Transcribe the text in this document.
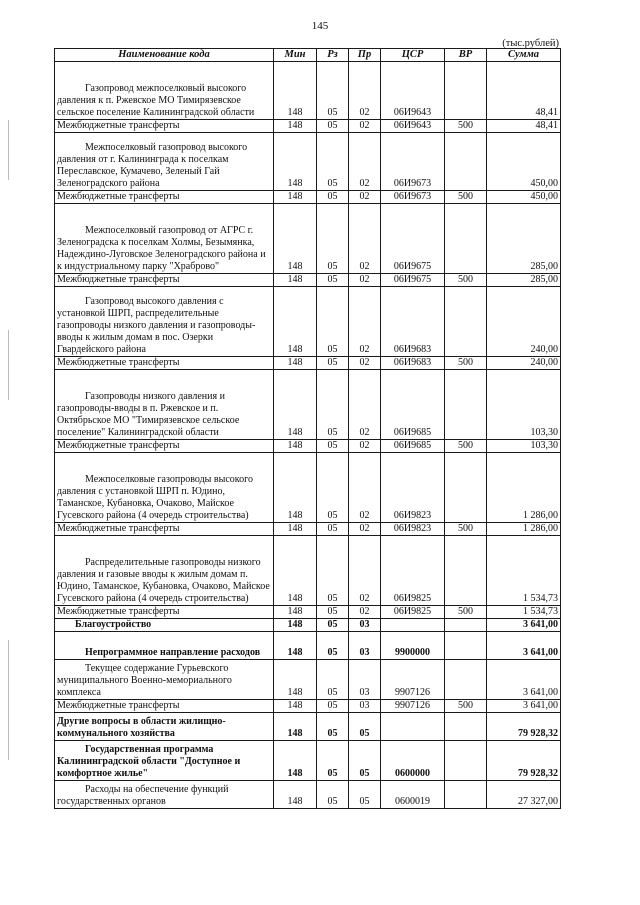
145
(тыс.рублей)
Наименование кода	Мин	Рз	Пр	ЦСР	ВР	Сумма
Газопровод межпоселковый высокого давления к п. Ржевское МО Тимирязевское сельское поселение Калининградской области	148	05	02	06И9643		48,41
Межбюджетные трансферты	148	05	02	06И9643	500	48,41
Межпоселковый газопровод высокого давления от г. Калининграда к поселкам Переславское, Кумачево, Зеленый Гай Зеленоградского района	148	05	02	06И9673		450,00
Межбюджетные трансферты	148	05	02	06И9673	500	450,00
Межпоселковый газопровод от АГРС г. Зеленоградска к поселкам Холмы, Безымянка, Надеждино-Луговское Зеленоградского района и к индустриальному парку "Храброво"	148	05	02	06И9675		285,00
Межбюджетные трансферты	148	05	02	06И9675	500	285,00
Газопровод высокого давления с установкой ШРП, распределительные газопроводы низкого давления и газопроводы-вводы к жилым домам в пос. Озерки Гвардейского района	148	05	02	06И9683		240,00
Межбюджетные трансферты	148	05	02	06И9683	500	240,00
Газопроводы низкого давления и газопроводы-вводы в п. Ржевское и п. Октябрьское МО "Тимирязевское сельское поселение" Калининградской области	148	05	02	06И9685		103,30
Межбюджетные трансферты	148	05	02	06И9685	500	103,30
Межпоселковые газопроводы высокого давления с установкой ШРП п. Юдино, Таманское, Кубановка, Очаково, Майское Гусевского района (4 очередь строительства)	148	05	02	06И9823		1 286,00
Межбюджетные трансферты	148	05	02	06И9823	500	1 286,00
Распределительные газопроводы низкого давления и газовые вводы к жилым домам п. Юдино, Таманское, Кубановка, Очаково, Майское Гусевского района (4 очередь строительства)	148	05	02	06И9825		1 534,73
Межбюджетные трансферты	148	05	02	06И9825	500	1 534,73
Благоустройство	148	05	03			3 641,00
Непрограммное направление расходов	148	05	03	9900000		3 641,00
Текущее содержание Гурьевского муниципального Военно-мемориального комплекса	148	05	03	9907126		3 641,00
Межбюджетные трансферты	148	05	03	9907126	500	3 641,00
Другие вопросы в области жилищно-коммунального хозяйства	148	05	05			79 928,32
Государственная программа Калининградской области "Доступное и комфортное жилье"	148	05	05	0600000		79 928,32
Расходы на обеспечение функций государственных органов	148	05	05	0600019		27 327,00
